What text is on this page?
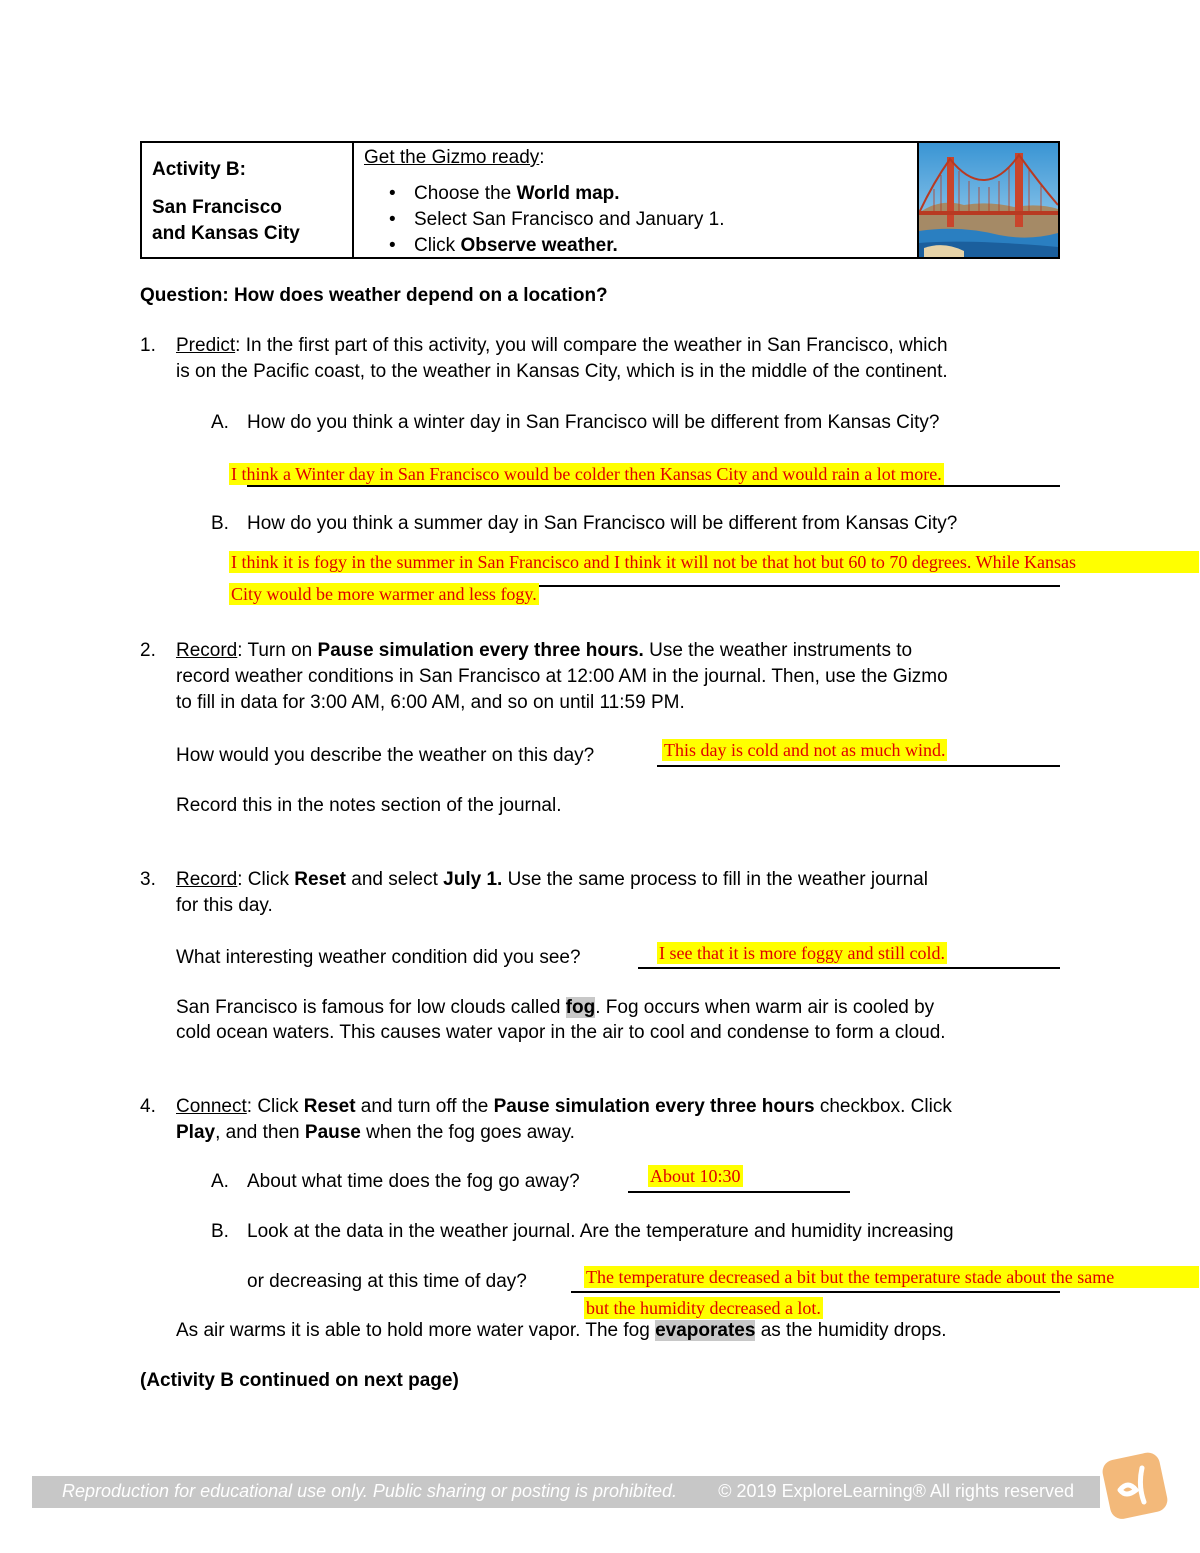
Activity B:
San Francisco
and Kansas City
Get the Gizmo ready:
• Choose the World map.
• Select San Francisco and January 1.
• Click Observe weather.
Question: How does weather depend on a location?
1. Predict: In the first part of this activity, you will compare the weather in San Francisco, which
is on the Pacific coast, to the weather in Kansas City, which is in the middle of the continent.
A. How do you think a winter day in San Francisco will be different from Kansas City?
I think a Winter day in San Francisco would be colder then Kansas City and would rain a lot more.
B. How do you think a summer day in San Francisco will be different from Kansas City?
I think it is fogy in the summer in San Francisco and I think it will not be that hot but 60 to 70 degrees. While Kansas
City would be more warmer and less fogy.
2. Record: Turn on Pause simulation every three hours. Use the weather instruments to
record weather conditions in San Francisco at 12:00 AM in the journal. Then, use the Gizmo
to fill in data for 3:00 AM, 6:00 AM, and so on until 11:59 PM.
How would you describe the weather on this day?	This day is cold and not as much wind.
Record this in the notes section of the journal.
3. Record: Click Reset and select July 1. Use the same process to fill in the weather journal
for this day.
What interesting weather condition did you see?	I see that it is more foggy and still cold.
San Francisco is famous for low clouds called fog. Fog occurs when warm air is cooled by
cold ocean waters. This causes water vapor in the air to cool and condense to form a cloud.
4. Connect: Click Reset and turn off the Pause simulation every three hours checkbox. Click
Play, and then Pause when the fog goes away.
A. About what time does the fog go away?	About 10:30
B. Look at the data in the weather journal. Are the temperature and humidity increasing
or decreasing at this time of day?	The temperature decreased a bit but the temperature stade about the same
but the humidity decreased a lot.
As air warms it is able to hold more water vapor. The fog evaporates as the humidity drops.
(Activity B continued on next page)
Reproduction for educational use only. Public sharing or posting is prohibited. © 2019 ExploreLearning® All rights reserved
